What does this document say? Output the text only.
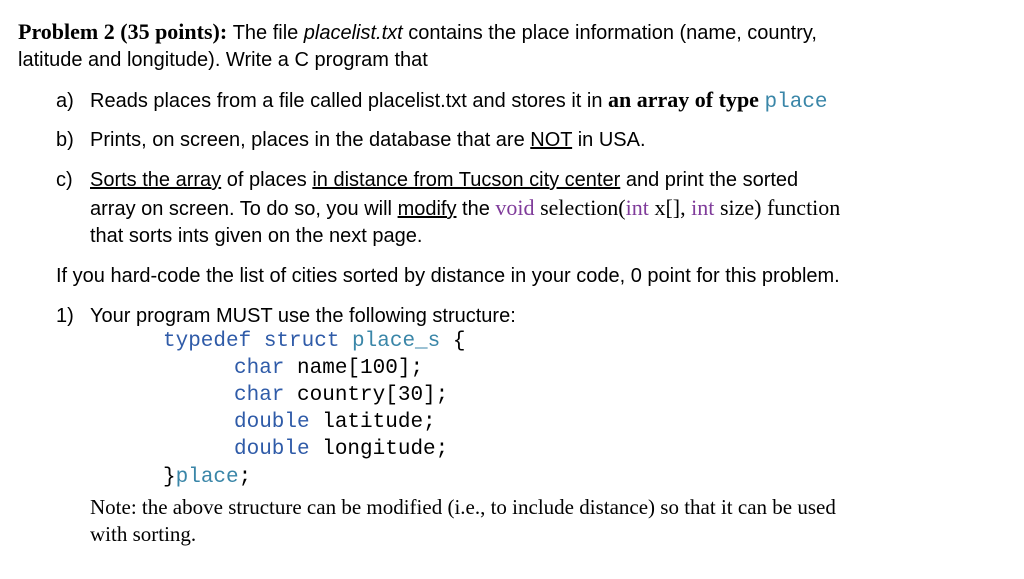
Problem 2 (35 points): The file placelist.txt contains the place information (name, country,
latitude and longitude). Write a C program that
a) Reads places from a file called placelist.txt and stores it in an array of type place
b) Prints, on screen, places in the database that are NOT in USA.
c) Sorts the array of places in distance from Tucson city center and print the sorted
array on screen. To do so, you will modify the void selection(int x[], int size) function
that sorts ints given on the next page.
If you hard-code the list of cities sorted by distance in your code, 0 point for this problem.
1) Your program MUST use the following structure:
typedef struct place_s {
char name[100];
char country[30];
double latitude;
double longitude;
}place;
Note: the above structure can be modified (i.e., to include distance) so that it can be used
with sorting.
